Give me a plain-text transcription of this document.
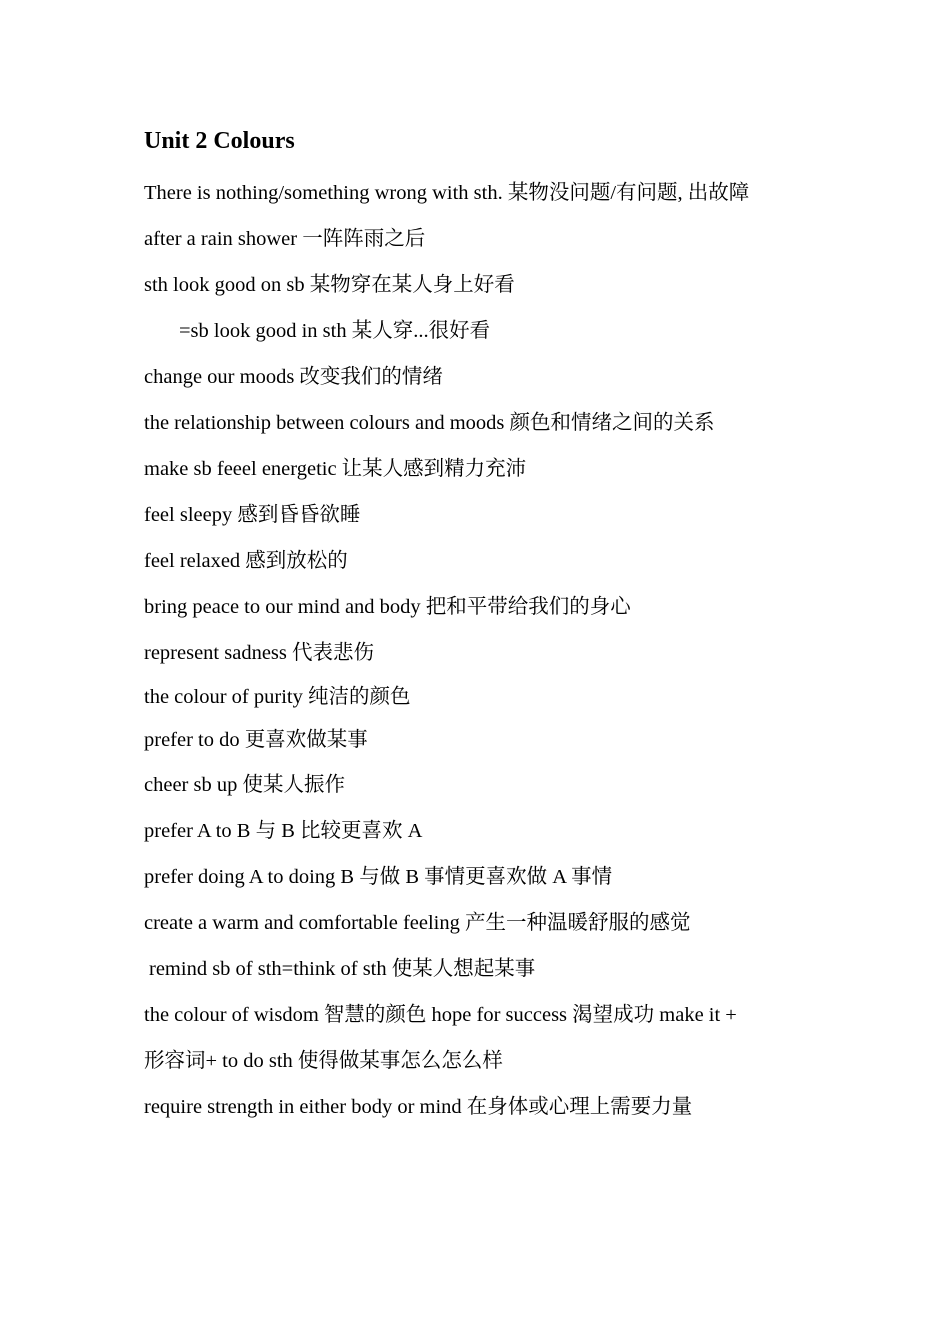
Unit 2 Colours
There is nothing/something wrong with sth. 某物没问题/有问题, 出故障
after a rain shower 一阵阵雨之后
sth look good on sb 某物穿在某人身上好看
=sb look good in sth 某人穿...很好看
change our moods 改变我们的情绪
the relationship between colours and moods 颜色和情绪之间的关系
make sb feeel energetic 让某人感到精力充沛
feel sleepy 感到昏昏欲睡
feel relaxed 感到放松的
bring peace to our mind and body 把和平带给我们的身心
represent sadness 代表悲伤
the colour of purity 纯洁的颜色
prefer to do 更喜欢做某事
cheer sb up 使某人振作
prefer A to B 与 B 比较更喜欢 A
prefer doing A to doing B 与做 B 事情更喜欢做 A 事情
create a warm and comfortable feeling 产生一种温暖舒服的感觉
remind sb of sth=think of sth 使某人想起某事
the colour of wisdom 智慧的颜色 hope for success 渴望成功 make it +
形容词+ to do sth 使得做某事怎么怎么样
require strength in either body or mind 在身体或心理上需要力量
